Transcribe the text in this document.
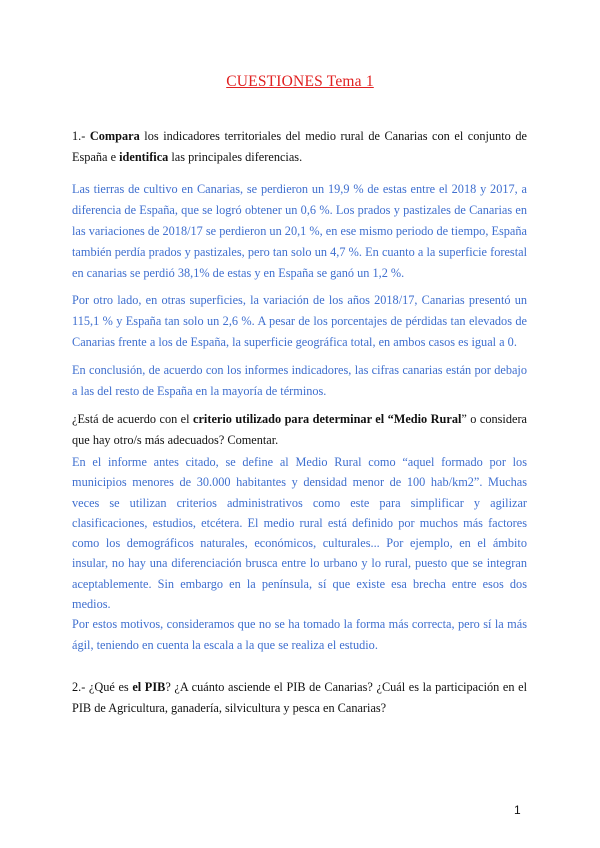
CUESTIONES Tema 1
1.- Compara los indicadores territoriales del medio rural de Canarias con el conjunto de España e identifica las principales diferencias.
Las tierras de cultivo en Canarias, se perdieron un 19,9 % de estas entre el 2018 y 2017, a diferencia de España, que se logró obtener un 0,6 %. Los prados y pastizales de Canarias en las variaciones de 2018/17 se perdieron un 20,1 %, en ese mismo periodo de tiempo, España también perdía prados y pastizales, pero tan solo un 4,7 %. En cuanto a la superficie forestal en canarias se perdió 38,1% de estas y en España se ganó un 1,2 %.
Por otro lado, en otras superficies, la variación de los años 2018/17, Canarias presentó un 115,1 % y España tan solo un 2,6 %. A pesar de los porcentajes de pérdidas tan elevados de Canarias frente a los de España, la superficie geográfica total, en ambos casos es igual a 0.
En conclusión, de acuerdo con los informes indicadores, las cifras canarias están por debajo a las del resto de España en la mayoría de términos.
¿Está de acuerdo con el criterio utilizado para determinar el “Medio Rural” o considera que hay otro/s más adecuados? Comentar.
En el informe antes citado, se define al Medio Rural como “aquel formado por los municipios menores de 30.000 habitantes y densidad menor de 100 hab/km2”. Muchas veces se utilizan criterios administrativos como este para simplificar y agilizar clasificaciones, estudios, etcétera. El medio rural está definido por muchos más factores como los demográficos naturales, económicos, culturales... Por ejemplo, en el ámbito insular, no hay una diferenciación brusca entre lo urbano y lo rural, puesto que se integran aceptablemente. Sin embargo en la península, sí que existe esa brecha entre esos dos medios.
Por estos motivos, consideramos que no se ha tomado la forma más correcta, pero sí la más ágil, teniendo en cuenta la escala a la que se realiza el estudio.
2.- ¿Qué es el PIB? ¿A cuánto asciende el PIB de Canarias? ¿Cuál es la participación en el PIB de Agricultura, ganadería, silvicultura y pesca en Canarias?
1
